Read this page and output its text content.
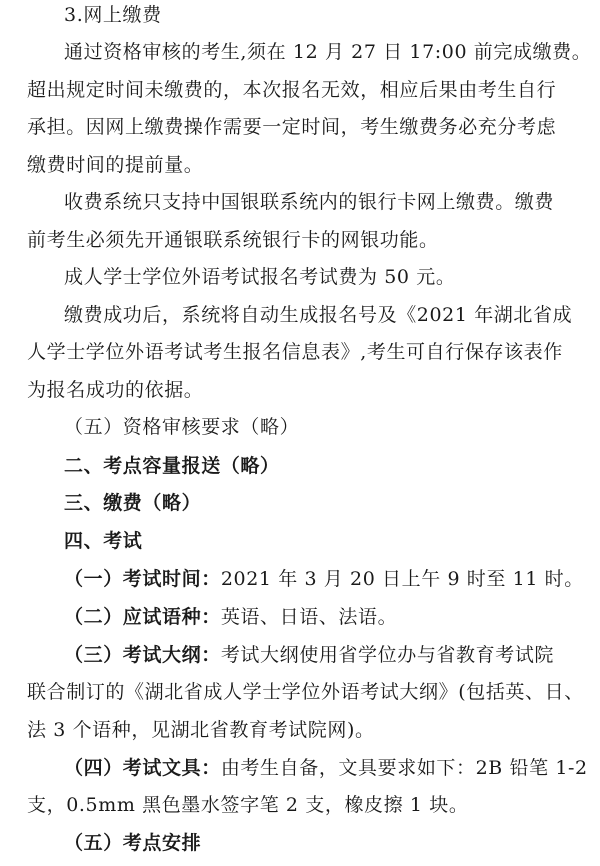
3.网上缴费
通过资格审核的考生,须在 12 月 27 日 17:00 前完成缴费。
超出规定时间未缴费的，本次报名无效，相应后果由考生自行
承担。因网上缴费操作需要一定时间，考生缴费务必充分考虑
缴费时间的提前量。
收费系统只支持中国银联系统内的银行卡网上缴费。缴费
前考生必须先开通银联系统银行卡的网银功能。
成人学士学位外语考试报名考试费为 50 元。
缴费成功后，系统将自动生成报名号及《2021 年湖北省成
人学士学位外语考试考生报名信息表》,考生可自行保存该表作
为报名成功的依据。
（五）资格审核要求（略）
二、考点容量报送（略）
三、缴费（略）
四、考试
（一）考试时间：2021 年 3 月 20 日上午 9 时至 11 时。
（二）应试语种：英语、日语、法语。
（三）考试大纲：考试大纲使用省学位办与省教育考试院
联合制订的《湖北省成人学士学位外语考试大纲》(包括英、日、
法 3 个语种，见湖北省教育考试院网)。
（四）考试文具：由考生自备，文具要求如下：2B 铅笔 1-2
支，0.5mm 黑色墨水签字笔 2 支，橡皮擦 1 块。
（五）考点安排
